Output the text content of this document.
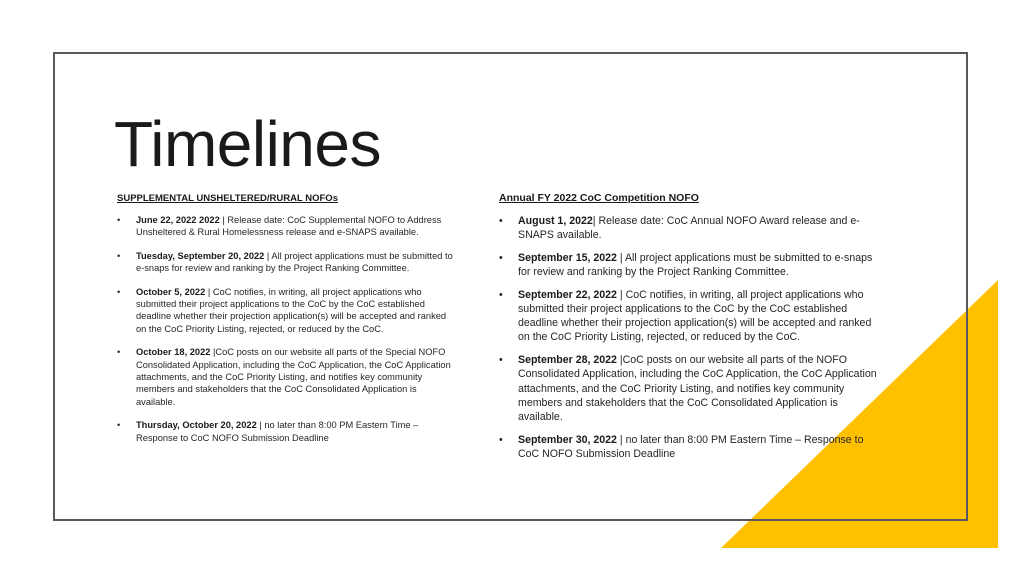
Timelines
SUPPLEMENTAL UNSHELTERED/RURAL NOFOs
• June 22, 2022 2022 | Release date: CoC Supplemental NOFO to Address Unsheltered & Rural Homelessness release and e-SNAPS available.
• Tuesday, September 20, 2022 | All project applications must be submitted to e-snaps for review and ranking by the Project Ranking Committee.
• October 5, 2022 | CoC notifies, in writing, all project applications who submitted their project applications to the CoC by the CoC established deadline whether their projection application(s) will be accepted and ranked on the CoC Priority Listing, rejected, or reduced by the CoC.
• October 18, 2022 |CoC posts on our website all parts of the Special NOFO Consolidated Application, including the CoC Application, the CoC Application attachments, and the CoC Priority Listing, and notifies key community members and stakeholders that the CoC Consolidated Application is available.
• Thursday, October 20, 2022 | no later than 8:00 PM Eastern Time – Response to CoC NOFO Submission Deadline
Annual FY 2022 CoC Competition NOFO
• August 1, 2022| Release date: CoC Annual NOFO Award release and e-SNAPS available.
• September 15, 2022 | All project applications must be submitted to e-snaps for review and ranking by the Project Ranking Committee.
• September 22, 2022 | CoC notifies, in writing, all project applications who submitted their project applications to the CoC by the CoC established deadline whether their projection application(s) will be accepted and ranked on the CoC Priority Listing, rejected, or reduced by the CoC.
• September 28, 2022 |CoC posts on our website all parts of the NOFO Consolidated Application, including the CoC Application, the CoC Application attachments, and the CoC Priority Listing, and notifies key community members and stakeholders that the CoC Consolidated Application is available.
• September 30, 2022 | no later than 8:00 PM Eastern Time – Response to CoC NOFO Submission Deadline
